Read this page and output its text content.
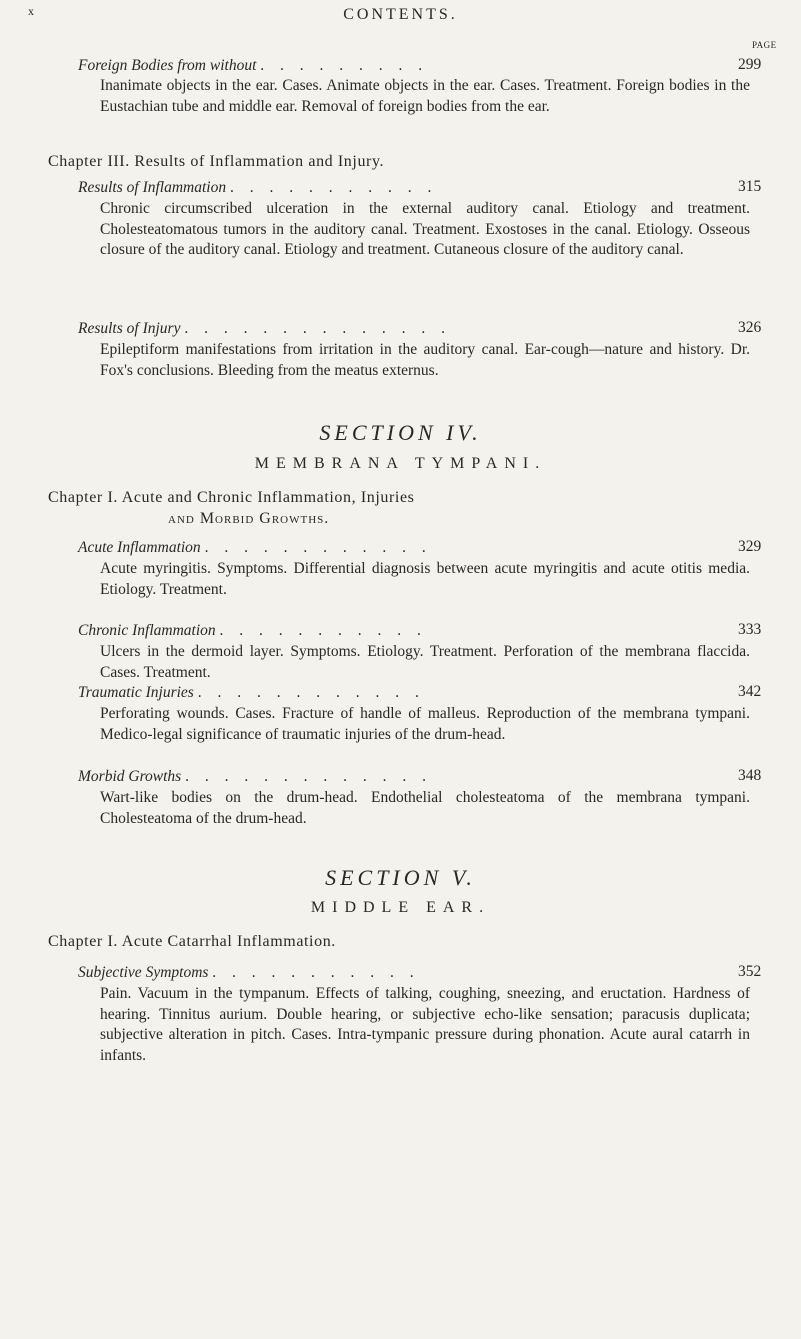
x	CONTENTS.
PAGE
Foreign Bodies from without . . . . . . . . .	299
Inanimate objects in the ear. Cases. Animate objects in the ear. Cases. Treatment. Foreign bodies in the Eustachian tube and middle ear. Removal of foreign bodies from the ear.
Chapter III. Results of Inflammation and Injury.
Results of Inflammation . . . . . . . . . . .	315
Chronic circumscribed ulceration in the external auditory canal. Etiology and treatment. Cholesteatomatous tumors in the auditory canal. Treatment. Exostoses in the canal. Etiology. Osseous closure of the auditory canal. Etiology and treatment. Cutaneous closure of the auditory canal.
Results of Injury . . . . . . . . . . . . . .	326
Epileptiform manifestations from irritation in the auditory canal. Ear-cough—nature and history. Dr. Fox's conclusions. Bleeding from the meatus externus.
SECTION IV.
MEMBRANA TYMPANI.
Chapter I. Acute and Chronic Inflammation, Injuries
and Morbid Growths.
Acute Inflammation . . . . . . . . . . . .	329
Acute myringitis. Symptoms. Differential diagnosis between acute myringitis and acute otitis media. Etiology. Treatment.
Chronic Inflammation . . . . . . . . . . .	333
Ulcers in the dermoid layer. Symptoms. Etiology. Treatment. Perforation of the membrana flaccida. Cases. Treatment.
Traumatic Injuries . . . . . . . . . . . .	342
Perforating wounds. Cases. Fracture of handle of malleus. Reproduction of the membrana tympani. Medico-legal significance of traumatic injuries of the drum-head.
Morbid Growths . . . . . . . . . . . . .	348
Wart-like bodies on the drum-head. Endothelial cholesteatoma of the membrana tympani. Cholesteatoma of the drum-head.
SECTION V.
MIDDLE EAR.
Chapter I. Acute Catarrhal Inflammation.
Subjective Symptoms . . . . . . . . . . .	352
Pain. Vacuum in the tympanum. Effects of talking, coughing, sneezing, and eructation. Hardness of hearing. Tinnitus aurium. Double hearing, or subjective echo-like sensation; paracusis duplicata; subjective alteration in pitch. Cases. Intra-tympanic pressure during phonation. Acute aural catarrh in infants.
